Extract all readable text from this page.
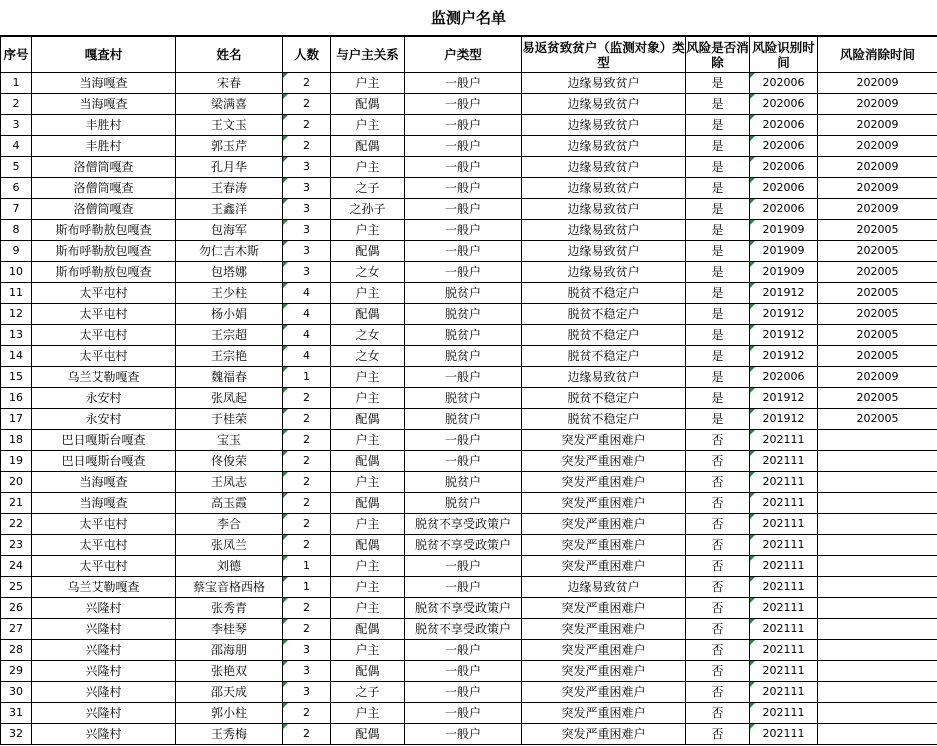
监测户名单
序号	嘎查村	姓名	人数	与户主关系	户类型	易返贫致贫户（监测对象）类型	风险是否消除	风险识别时间	风险消除时间
1	当海嘎查	宋春	2	户主	一般户	边缘易致贫户	是	202006	202009
2	当海嘎查	梁满喜	2	配偶	一般户	边缘易致贫户	是	202006	202009
3	丰胜村	王文玉	2	户主	一般户	边缘易致贫户	是	202006	202009
4	丰胜村	郭玉芹	2	配偶	一般户	边缘易致贫户	是	202006	202009
5	洛僧筒嘎查	孔月华	3	户主	一般户	边缘易致贫户	是	202006	202009
6	洛僧筒嘎查	王春涛	3	之子	一般户	边缘易致贫户	是	202006	202009
7	洛僧筒嘎查	王鑫洋	3	之孙子	一般户	边缘易致贫户	是	202006	202009
8	斯布呼勒敖包嘎查	包海军	3	户主	一般户	边缘易致贫户	是	201909	202005
9	斯布呼勒敖包嘎查	勿仁吉木斯	3	配偶	一般户	边缘易致贫户	是	201909	202005
10	斯布呼勒敖包嘎查	包塔娜	3	之女	一般户	边缘易致贫户	是	201909	202005
11	太平屯村	王少柱	4	户主	脱贫户	脱贫不稳定户	是	201912	202005
12	太平屯村	杨小娟	4	配偶	脱贫户	脱贫不稳定户	是	201912	202005
13	太平屯村	王宗超	4	之女	脱贫户	脱贫不稳定户	是	201912	202005
14	太平屯村	王宗艳	4	之女	脱贫户	脱贫不稳定户	是	201912	202005
15	乌兰艾勒嘎查	魏福春	1	户主	一般户	边缘易致贫户	是	202006	202009
16	永安村	张凤起	2	户主	脱贫户	脱贫不稳定户	是	201912	202005
17	永安村	于桂荣	2	配偶	脱贫户	脱贫不稳定户	是	201912	202005
18	巴日嘎斯台嘎查	宝玉	2	户主	一般户	突发严重困难户	否	202111	
19	巴日嘎斯台嘎查	佟俊荣	2	配偶	一般户	突发严重困难户	否	202111	
20	当海嘎查	王凤志	2	户主	脱贫户	突发严重困难户	否	202111	
21	当海嘎查	高玉霞	2	配偶	脱贫户	突发严重困难户	否	202111	
22	太平屯村	李合	2	户主	脱贫不享受政策户	突发严重困难户	否	202111	
23	太平屯村	张凤兰	2	配偶	脱贫不享受政策户	突发严重困难户	否	202111	
24	太平屯村	刘德	1	户主	一般户	突发严重困难户	否	202111	
25	乌兰艾勒嘎查	蔡宝音格西格	1	户主	一般户	边缘易致贫户	否	202111	
26	兴隆村	张秀青	2	户主	脱贫不享受政策户	突发严重困难户	否	202111	
27	兴隆村	李桂琴	2	配偶	脱贫不享受政策户	突发严重困难户	否	202111	
28	兴隆村	邵海朋	3	户主	一般户	突发严重困难户	否	202111	
29	兴隆村	张艳双	3	配偶	一般户	突发严重困难户	否	202111	
30	兴隆村	邵天成	3	之子	一般户	突发严重困难户	否	202111	
31	兴隆村	郭小柱	2	户主	一般户	突发严重困难户	否	202111	
32	兴隆村	王秀梅	2	配偶	一般户	突发严重困难户	否	202111	
